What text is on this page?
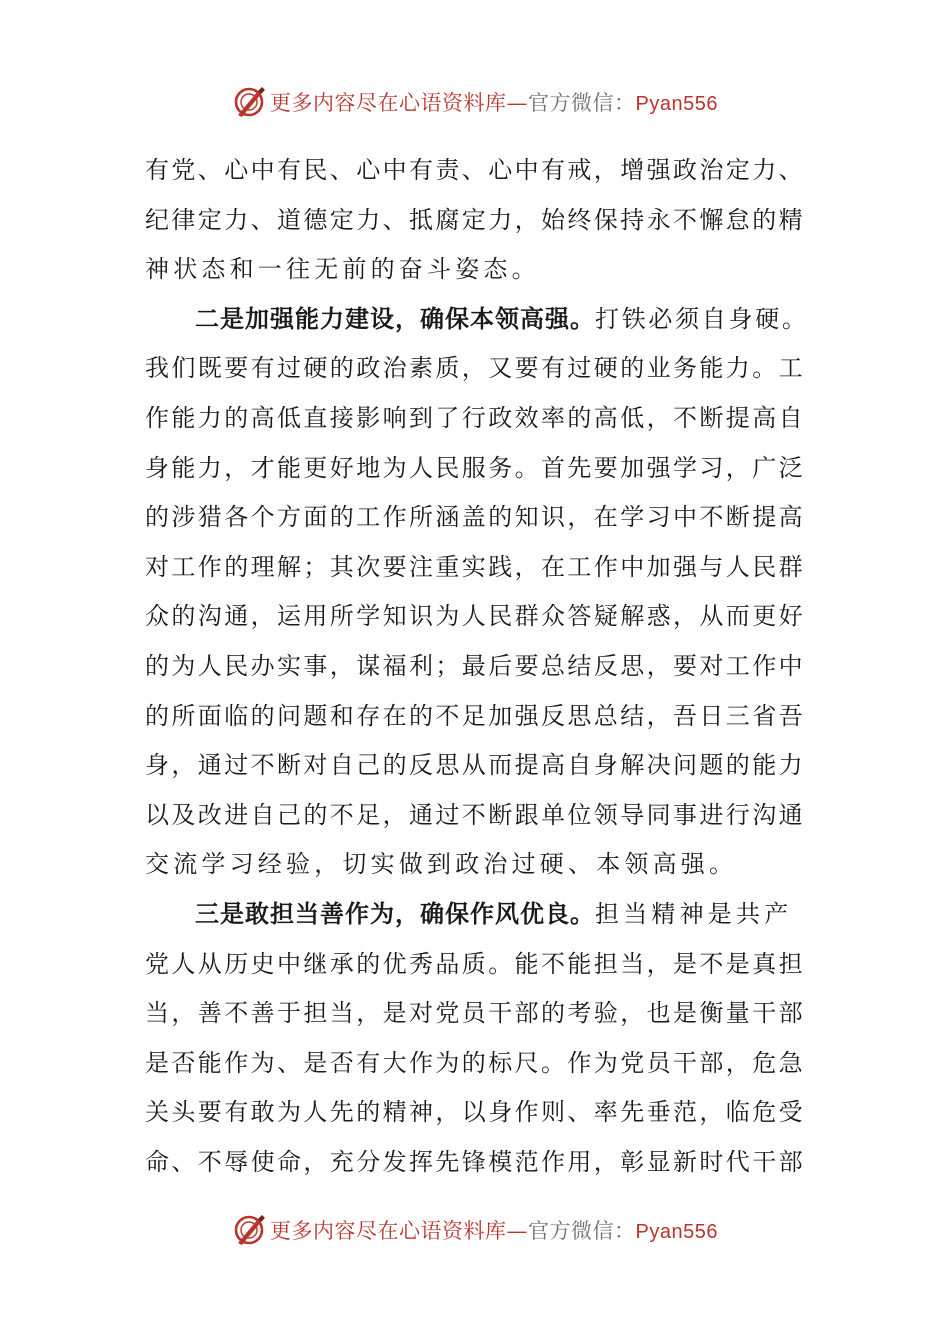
更多内容尽在心语资料库—官方微信：Pyan556
有党、心中有民、心中有责、心中有戒，增强政治定力、
纪律定力、道德定力、抵腐定力，始终保持永不懈怠的精
神状态和一往无前的奋斗姿态。
二是加强能力建设，确保本领高强。打铁必须自身硬。
我们既要有过硬的政治素质，又要有过硬的业务能力。工
作能力的高低直接影响到了行政效率的高低，不断提高自
身能力，才能更好地为人民服务。首先要加强学习，广泛
的涉猎各个方面的工作所涵盖的知识，在学习中不断提高
对工作的理解；其次要注重实践，在工作中加强与人民群
众的沟通，运用所学知识为人民群众答疑解惑，从而更好
的为人民办实事，谋福利；最后要总结反思，要对工作中
的所面临的问题和存在的不足加强反思总结，吾日三省吾
身，通过不断对自己的反思从而提高自身解决问题的能力
以及改进自己的不足，通过不断跟单位领导同事进行沟通
交流学习经验，切实做到政治过硬、本领高强。
三是敢担当善作为，确保作风优良。担当精神是共产
党人从历史中继承的优秀品质。能不能担当，是不是真担
当，善不善于担当，是对党员干部的考验，也是衡量干部
是否能作为、是否有大作为的标尺。作为党员干部，危急
关头要有敢为人先的精神，以身作则、率先垂范，临危受
命、不辱使命，充分发挥先锋模范作用，彰显新时代干部
更多内容尽在心语资料库—官方微信：Pyan556
